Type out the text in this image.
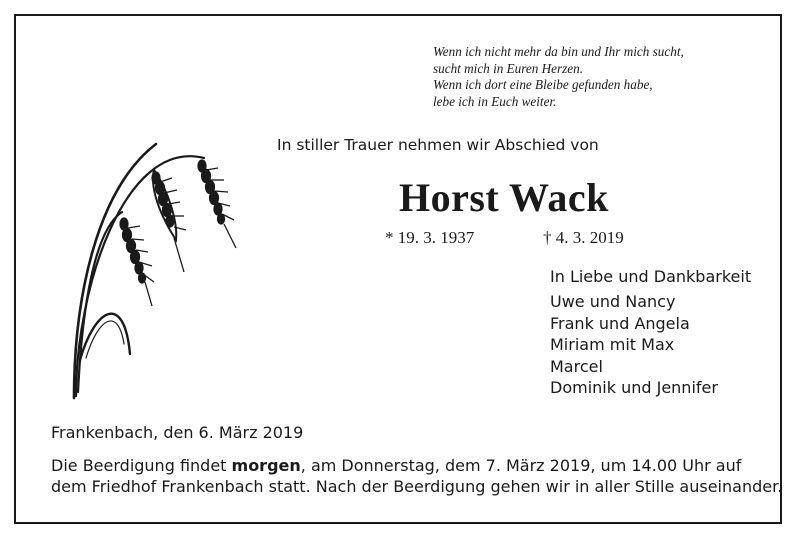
Wenn ich nicht mehr da bin und Ihr mich sucht,
sucht mich in Euren Herzen.
Wenn ich dort eine Bleibe gefunden habe,
lebe ich in Euch weiter.
In stiller Trauer nehmen wir Abschied von
Horst Wack
* 19. 3. 1937	† 4. 3. 2019
In Liebe und Dankbarkeit
Uwe und Nancy
Frank und Angela
Miriam mit Max
Marcel
Dominik und Jennifer
Frankenbach, den 6. März 2019
Die Beerdigung findet morgen, am Donnerstag, dem 7. März 2019, um 14.00 Uhr auf
dem Friedhof Frankenbach statt. Nach der Beerdigung gehen wir in aller Stille auseinander.
